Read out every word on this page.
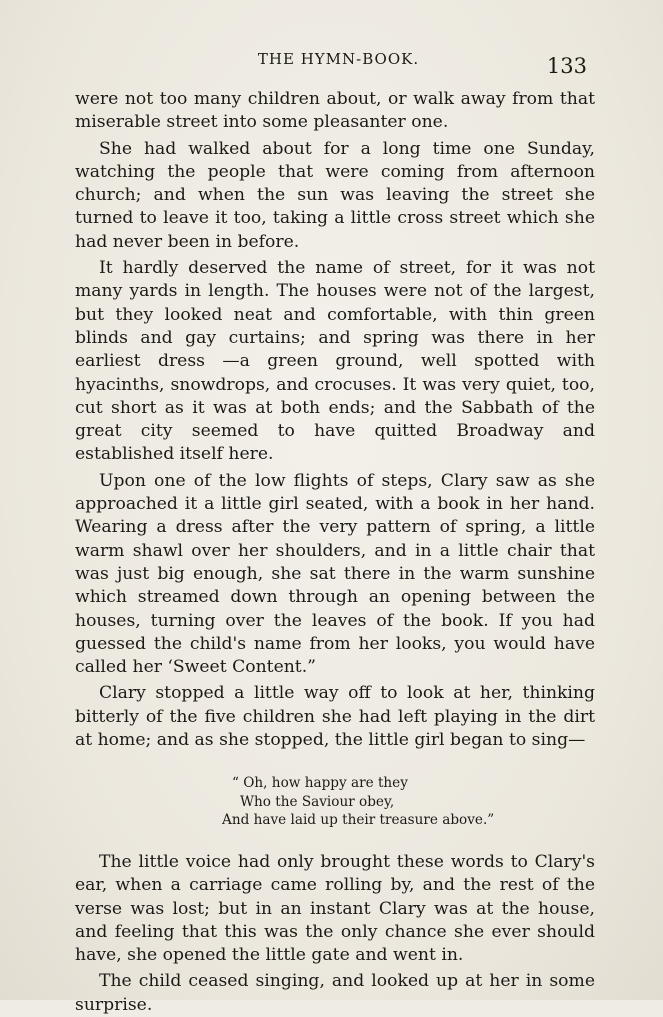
THE HYMN-BOOK.	133

were not too many children about, or walk away from that miserable street into some pleasanter one.

She had walked about for a long time one Sunday, watching the people that were coming from afternoon church; and when the sun was leaving the street she turned to leave it too, taking a little cross street which she had never been in before.

It hardly deserved the name of street, for it was not many yards in length. The houses were not of the largest, but they looked neat and comfortable, with thin green blinds and gay curtains; and spring was there in her earliest dress —a green ground, well spotted with hyacinths, snowdrops, and crocuses. It was very quiet, too, cut short as it was at both ends; and the Sabbath of the great city seemed to have quitted Broadway and established itself here.

Upon one of the low flights of steps, Clary saw as she approached it a little girl seated, with a book in her hand. Wearing a dress after the very pattern of spring, a little warm shawl over her shoulders, and in a little chair that was just big enough, she sat there in the warm sunshine which streamed down through an opening between the houses, turning over the leaves of the book. If you had guessed the child's name from her looks, you would have called her ‘Sweet Content.”

Clary stopped a little way off to look at her, thinking bitterly of the five children she had left playing in the dirt at home; and as she stopped, the little girl began to sing—

“ Oh, how happy are they
Who the Saviour obey,
And have laid up their treasure above.”

The little voice had only brought these words to Clary's ear, when a carriage came rolling by, and the rest of the verse was lost; but in an instant Clary was at the house, and feeling that this was the only chance she ever should have, she opened the little gate and went in.

The child ceased singing, and looked up at her in some surprise.
